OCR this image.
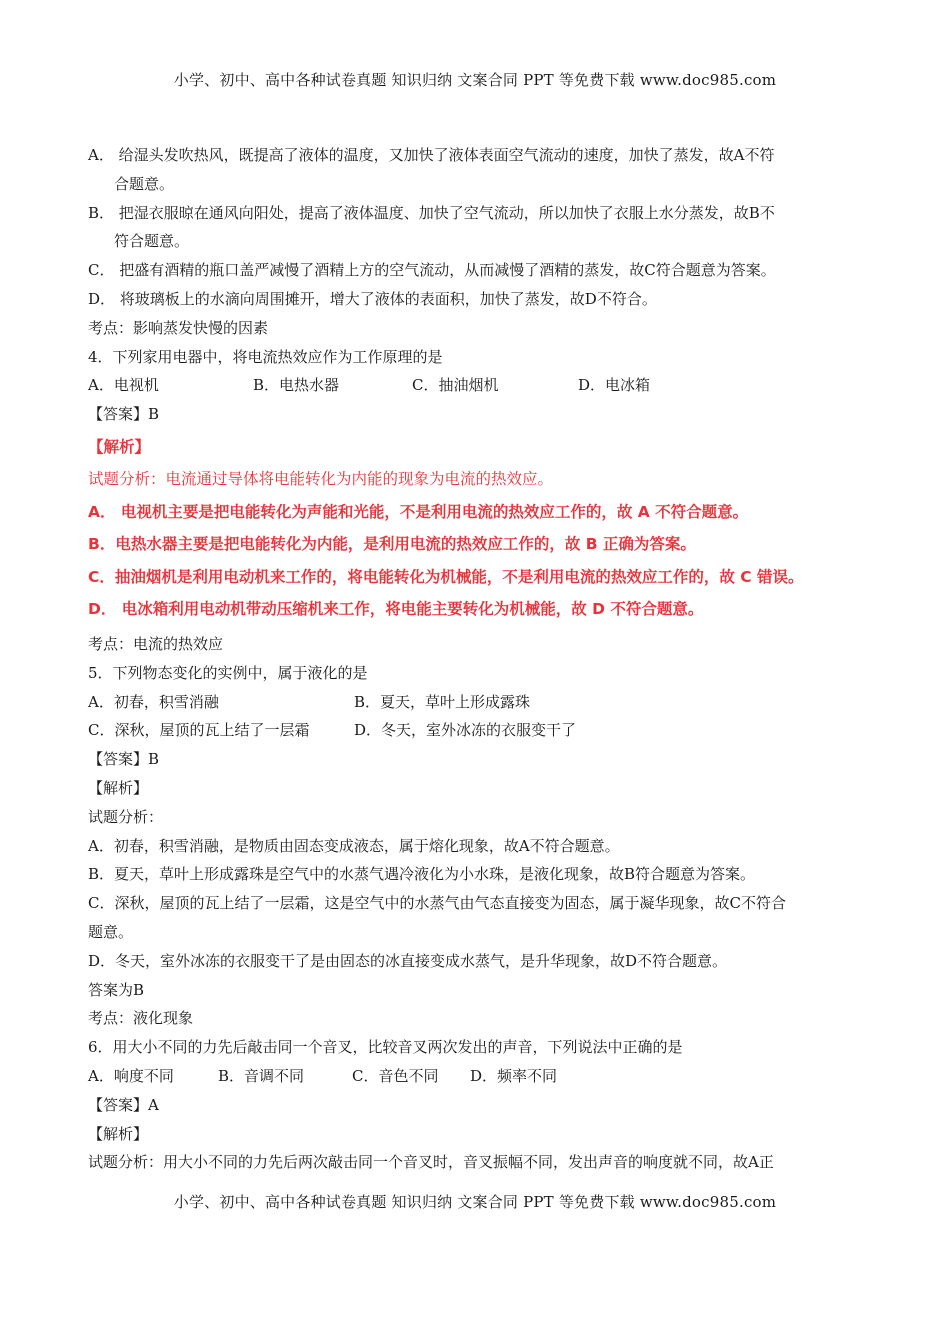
小学、初中、高中各种试卷真题 知识归纳 文案合同 PPT 等免费下载 www.doc985.com
A． 给湿头发吹热风，既提高了液体的温度，又加快了液体表面空气流动的速度，加快了蒸发，故A不符
合题意。
B． 把湿衣服晾在通风向阳处，提高了液体温度、加快了空气流动，所以加快了衣服上水分蒸发，故B不
符合题意。
C． 把盛有酒精的瓶口盖严减慢了酒精上方的空气流动，从而减慢了酒精的蒸发，故C符合题意为答案。
D． 将玻璃板上的水滴向周围摊开，增大了液体的表面积，加快了蒸发，故D不符合。
考点：影响蒸发快慢的因素
4．下列家用电器中，将电流热效应作为工作原理的是
A．电视机	B．电热水器	C．抽油烟机	D．电冰箱
【答案】B
【解析】
试题分析：电流通过导体将电能转化为内能的现象为电流的热效应。
A． 电视机主要是把电能转化为声能和光能，不是利用电流的热效应工作的，故 A 不符合题意。
B．电热水器主要是把电能转化为内能，是利用电流的热效应工作的，故 B 正确为答案。
C．抽油烟机是利用电动机来工作的，将电能转化为机械能，不是利用电流的热效应工作的，故 C 错误。
D． 电冰箱利用电动机带动压缩机来工作，将电能主要转化为机械能，故 D 不符合题意。
考点：电流的热效应
5．下列物态变化的实例中，属于液化的是
A．初春，积雪消融	B．夏天，草叶上形成露珠
C．深秋，屋顶的瓦上结了一层霜	D．冬天，室外冰冻的衣服变干了
【答案】B
【解析】
试题分析：
A．初春，积雪消融，是物质由固态变成液态，属于熔化现象，故A不符合题意。
B．夏天，草叶上形成露珠是空气中的水蒸气遇冷液化为小水珠，是液化现象，故B符合题意为答案。
C．深秋，屋顶的瓦上结了一层霜，这是空气中的水蒸气由气态直接变为固态，属于凝华现象，故C不符合
题意。
D．冬天，室外冰冻的衣服变干了是由固态的冰直接变成水蒸气，是升华现象，故D不符合题意。
答案为B
考点：液化现象
6．用大小不同的力先后敲击同一个音叉，比较音叉两次发出的声音，下列说法中正确的是
A．响度不同	B．音调不同	C．音色不同	D．频率不同
【答案】A
【解析】
试题分析：用大小不同的力先后两次敲击同一个音叉时，音叉振幅不同，发出声音的响度就不同，故A正
小学、初中、高中各种试卷真题 知识归纳 文案合同 PPT 等免费下载 www.doc985.com
